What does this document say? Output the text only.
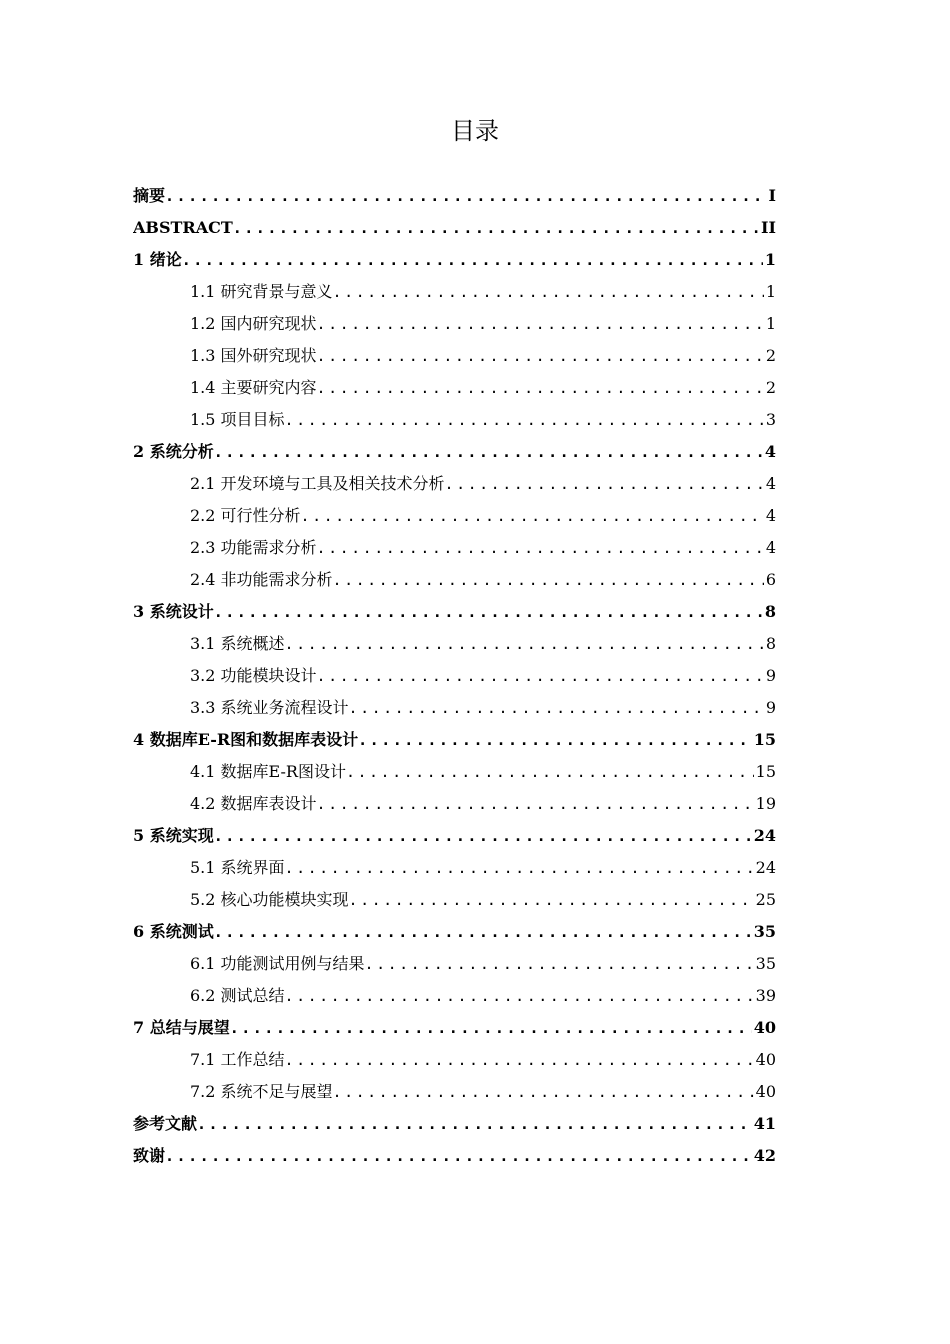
目录
摘要 .....	I
ABSTRACT .....	II
1 绪论 .....	1
1.1 研究背景与意义 .....	1
1.2 国内研究现状 .....	1
1.3 国外研究现状 .....	2
1.4 主要研究内容 .....	2
1.5 项目目标 .....	3
2 系统分析 .....	4
2.1 开发环境与工具及相关技术分析 .....	4
2.2 可行性分析 .....	4
2.3 功能需求分析 .....	4
2.4 非功能需求分析 .....	6
3 系统设计 .....	8
3.1 系统概述 .....	8
3.2 功能模块设计 .....	9
3.3 系统业务流程设计 .....	9
4 数据库E-R图和数据库表设计 .....	15
4.1 数据库E-R图设计 .....	15
4.2 数据库表设计 .....	19
5 系统实现 .....	24
5.1 系统界面 .....	24
5.2 核心功能模块实现 .....	25
6 系统测试 .....	35
6.1 功能测试用例与结果 .....	35
6.2 测试总结 .....	39
7 总结与展望 .....	40
7.1 工作总结 .....	40
7.2 系统不足与展望 .....	40
参考文献 .....	41
致谢 .....	42
